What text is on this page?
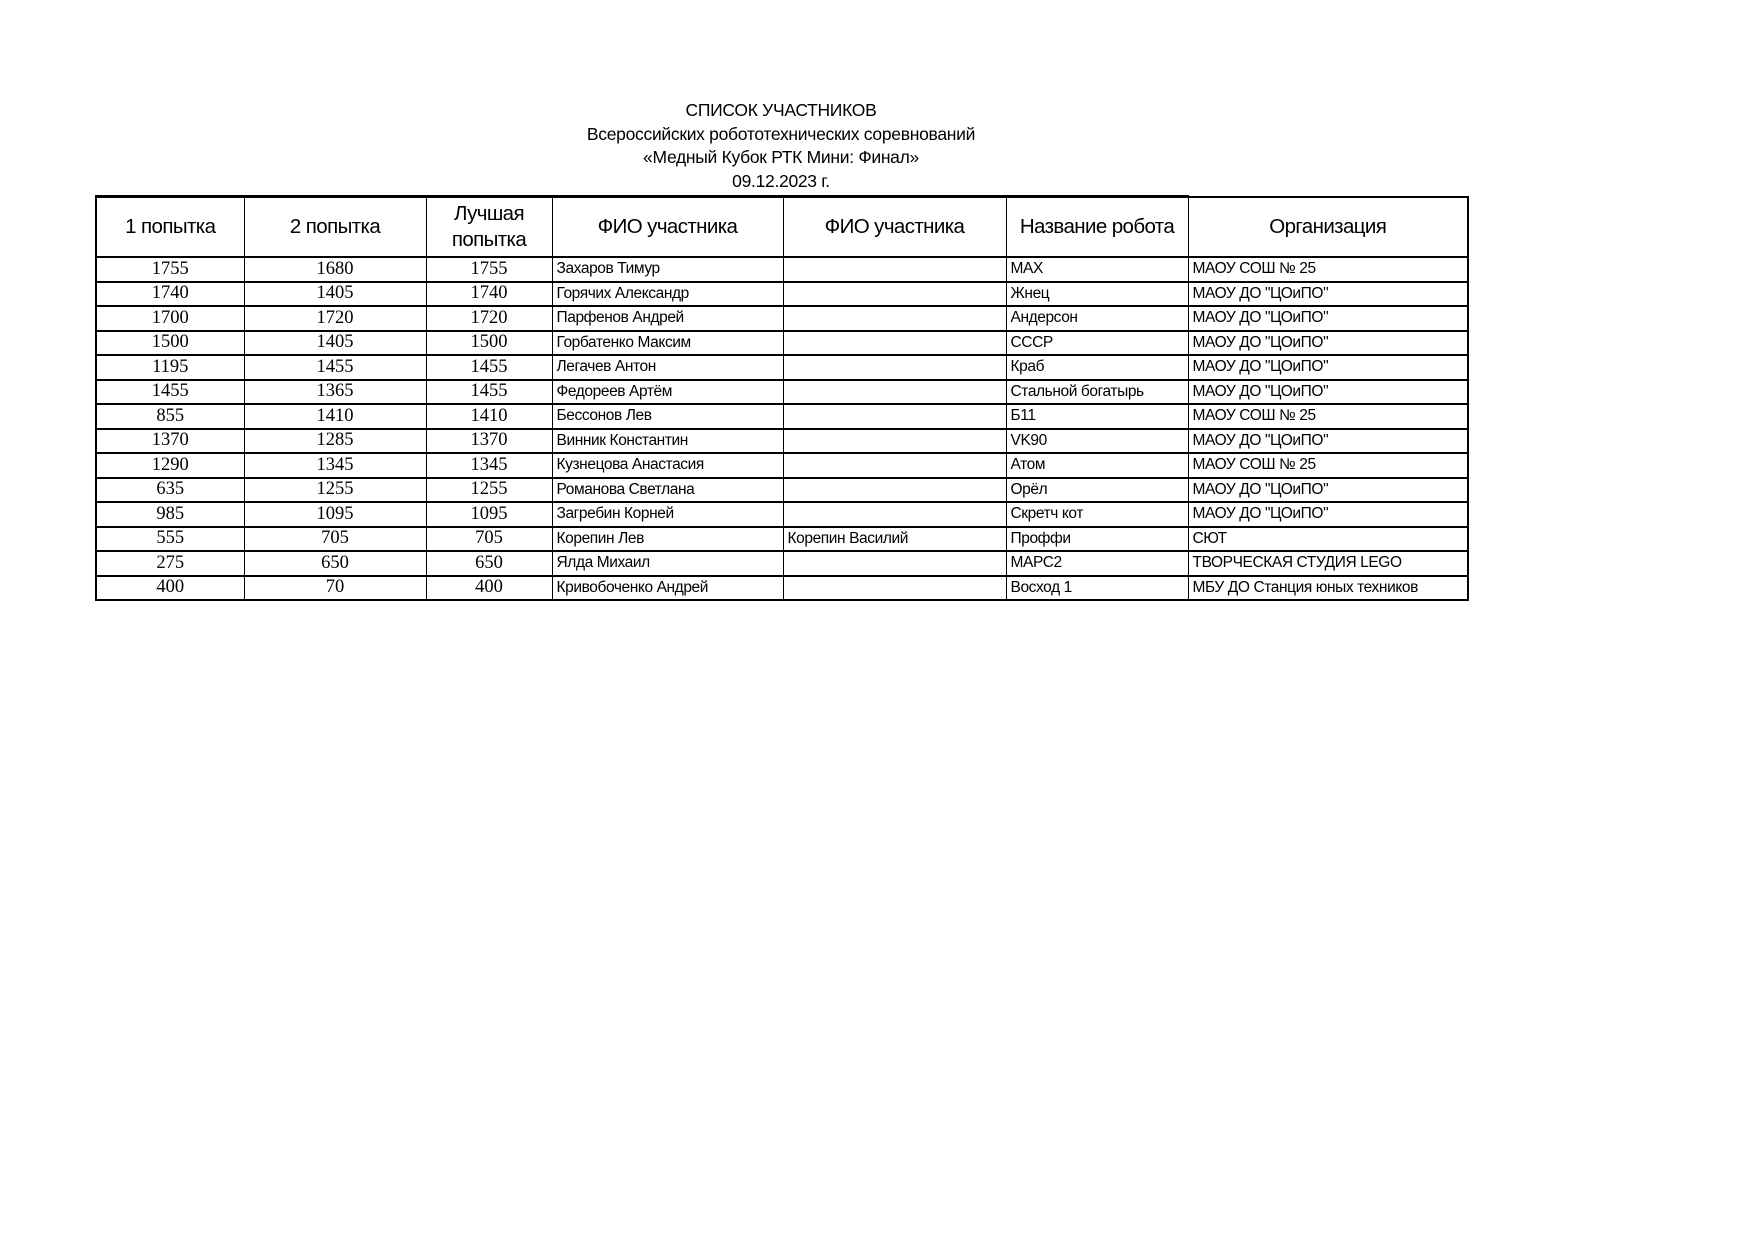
СПИСОК УЧАСТНИКОВ
Всероссийских робототехнических соревнований
«Медный Кубок РТК Мини: Финал»
09.12.2023 г.
1 попытка	2 попытка	Лучшая попытка	ФИО участника	ФИО участника	Название робота	Организация
1755	1680	1755	Захаров Тимур		MAX	МАОУ СОШ № 25
1740	1405	1740	Горячих Александр		Жнец	МАОУ ДО "ЦОиПО"
1700	1720	1720	Парфенов Андрей		Андерсон	МАОУ ДО "ЦОиПО"
1500	1405	1500	Горбатенко Максим		СССР	МАОУ ДО "ЦОиПО"
1195	1455	1455	Легачев Антон		Краб	МАОУ ДО "ЦОиПО"
1455	1365	1455	Федореев Артём		Стальной богатырь	МАОУ ДО "ЦОиПО"
855	1410	1410	Бессонов Лев		Б11	МАОУ СОШ № 25
1370	1285	1370	Винник Константин		VK90	МАОУ ДО "ЦОиПО"
1290	1345	1345	Кузнецова Анастасия		Атом	МАОУ СОШ № 25
635	1255	1255	Романова Светлана		Орёл	МАОУ ДО "ЦОиПО"
985	1095	1095	Загребин Корней		Скретч кот	МАОУ ДО "ЦОиПО"
555	705	705	Корепин Лев	Корепин Василий	Проффи	СЮТ
275	650	650	Ялда Михаил		МАРС2	ТВОРЧЕСКАЯ СТУДИЯ LEGO
400	70	400	Кривобоченко Андрей		Восход 1	МБУ ДО Станция юных техников
